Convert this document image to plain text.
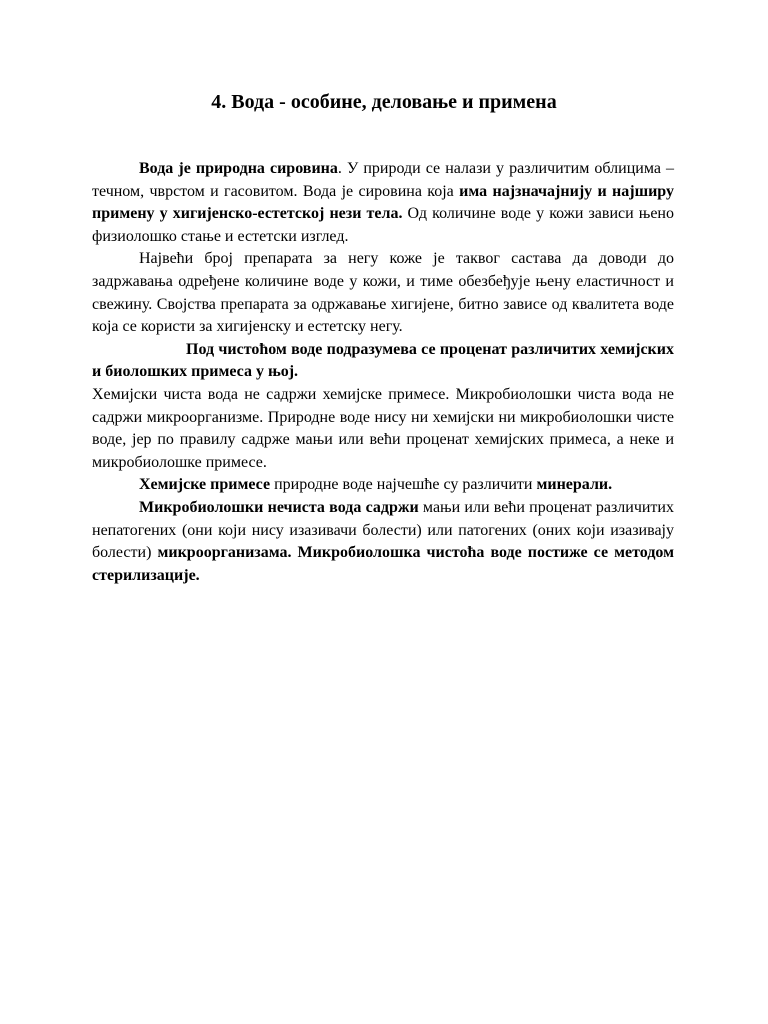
4. Вода - особине, деловање и примена

Вода је природна сировина. У природи се налази у различитим облицима – течном, чврстом и гасовитом. Вода је сировина која има најзначајнију и најширу примену у хигијенско-естетској нези тела. Од количине воде у кожи зависи њено физиолошко стање и естетски изглед.

Највећи број препарата за негу коже је таквог састава да доводи до задржавања одређене количине воде у кожи, и тиме обезбеђује њену еластичност и свежину. Својства препарата за одржавање хигијене, битно зависе од квалитета воде која се користи за хигијенску и естетску негу.

Под чистоћом воде подразумева се проценат различитих хемијских и биолошких примеса у њој.

Хемијски чиста вода не садржи хемијске примесе. Микробиолошки чиста вода не садржи микроорганизме. Природне воде нису ни хемијски ни микробиолошки чисте воде, јер по правилу садрже мањи или већи проценат хемијских примеса, а неке и микробиолошке примесе.

Хемијске примесе природне воде најчешће су различити минерали.

Микробиолошки нечиста вода садржи мањи или већи проценат различитих непатогених (они који нису изазивачи болести) или патогених (оних који изазивају болести) микроорганизама. Микробиолошка чистоћа воде постиже се методом стерилизације.
